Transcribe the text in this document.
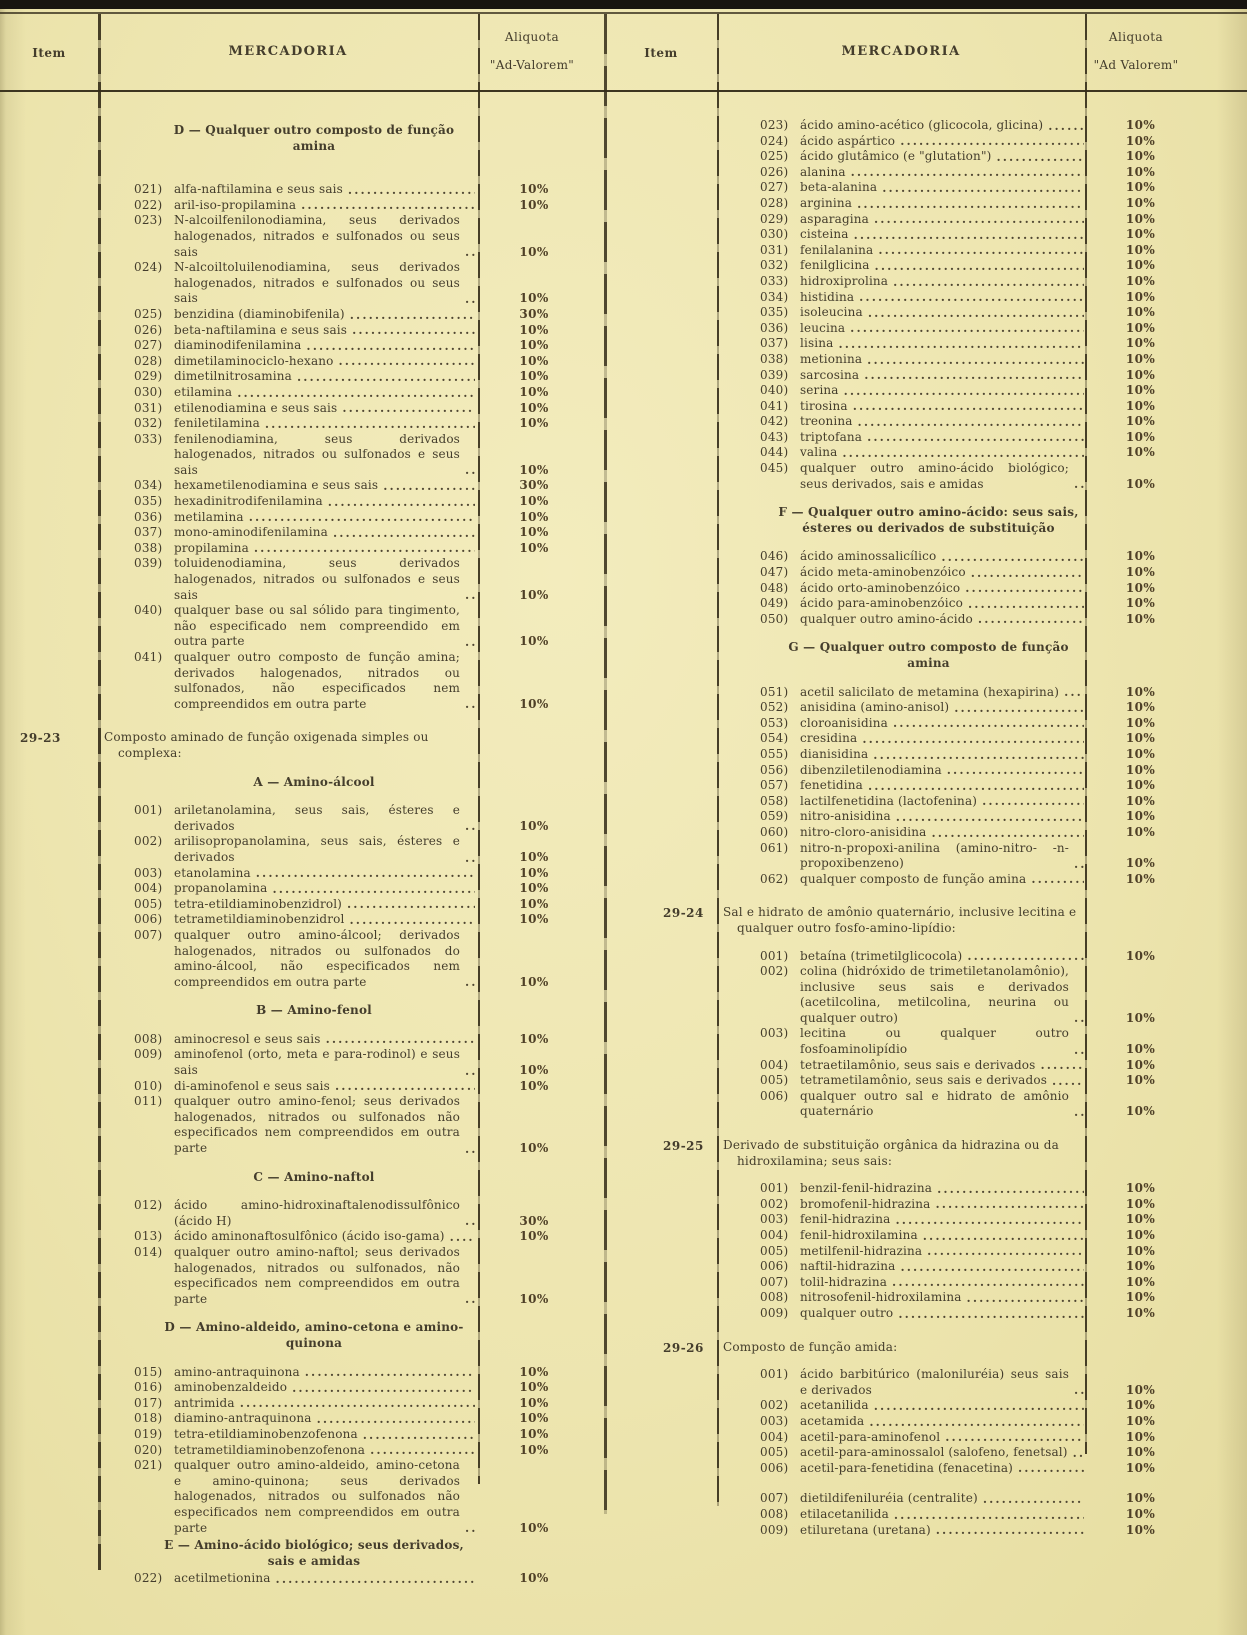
Item	MERCADORIA
Aliquota
"Ad-Valorem"
Item	MERCADORIA
Aliquota
"Ad Valorem"
D — Qualquer outro composto de função amina
021) alfa-naftilamina e seus sais .....	10%
022) aril-iso-propilamina .....	10%
023) N-alcoilfenilonodiamina, seus derivados halogenados, nitrados e sulfonados ou seus sais .....	10%
024) N-alcoiltoluilenodiamina, seus derivados halogenados, nitrados e sulfonados ou seus sais .....	10%
025) benzidina (diaminobifenila) .....	30%
026) beta-naftilamina e seus sais .....	10%
027) diaminodifenilamina .....	10%
028) dimetilaminociclo-hexano .....	10%
029) dimetilnitrosamina .....	10%
030) etilamina .....	10%
031) etilenodiamina e seus sais .....	10%
032) feniletilamina .....	10%
033) fenilenodiamina, seus derivados halogenados, nitrados ou sulfonados e seus sais .....	10%
034) hexametilenodiamina e seus sais .....	30%
035) hexadinitrodifenilamina .....	10%
036) metilamina .....	10%
037) mono-aminodifenilamina .....	10%
038) propilamina .....	10%
039) toluidenodiamina, seus derivados halogenados, nitrados ou sulfonados e seus sais .....	10%
040) qualquer base ou sal sólido para tingimento, não especificado nem compreendido em outra parte .....	10%
041) qualquer outro composto de função amina; derivados halogenados, nitrados ou sulfonados, não especificados nem compreendidos em outra parte .....	10%
29-23	Composto aminado de função oxigenada simples ou complexa:
A — Amino-álcool
001) ariletanolamina, seus sais, ésteres e derivados .....	10%
002) arilisopropanolamina, seus sais, ésteres e derivados .....	10%
003) etanolamina .....	10%
004) propanolamina .....	10%
005) tetra-etildiaminobenzidrol) .....	10%
006) tetrametildiaminobenzidrol .....	10%
007) qualquer outro amino-álcool; derivados halogenados, nitrados ou sulfonados do amino-álcool, não especificados nem compreendidos em outra parte .....	10%
B — Amino-fenol
008) aminocresol e seus sais .....	10%
009) aminofenol (orto, meta e para-rodinol) e seus sais .....	10%
010) di-aminofenol e seus sais .....	10%
011) qualquer outro amino-fenol; seus derivados halogenados, nitrados ou sulfonados não especificados nem compreendidos em outra parte .....	10%
C — Amino-naftol
012) ácido amino-hidroxinaftalenodissulfônico (ácido H) .....	30%
013) ácido aminonaftosulfônico (ácido iso-gama) .....	10%
014) qualquer outro amino-naftol; seus derivados halogenados, nitrados ou sulfonados, não especificados nem compreendidos em outra parte .....	10%
D — Amino-aldeido, amino-cetona e amino-quinona
015) amino-antraquinona .....	10%
016) aminobenzaldeido .....	10%
017) antrimida .....	10%
018) diamino-antraquinona .....	10%
019) tetra-etildiaminobenzofenona .....	10%
020) tetrametildiaminobenzofenona .....	10%
021) qualquer outro amino-aldeido, amino-cetona e amino-quinona; seus derivados halogenados, nitrados ou sulfonados não especificados nem compreendidos em outra parte .....	10%
E — Amino-ácido biológico; seus derivados, sais e amidas
022) acetilmetionina .....	10%
023) ácido amino-acético (glicocola, glicina) .....	10%
024) ácido aspártico .....	10%
025) ácido glutâmico (e "glutation") .....	10%
026) alanina .....	10%
027) beta-alanina .....	10%
028) arginina .....	10%
029) asparagina .....	10%
030) cisteina .....	10%
031) fenilalanina .....	10%
032) fenilglicina .....	10%
033) hidroxiprolina .....	10%
034) histidina .....	10%
035) isoleucina .....	10%
036) leucina .....	10%
037) lisina .....	10%
038) metionina .....	10%
039) sarcosina .....	10%
040) serina .....	10%
041) tirosina .....	10%
042) treonina .....	10%
043) triptofana .....	10%
044) valina .....	10%
045) qualquer outro amino-ácido biológico; seus derivados, sais e amidas .....	10%
F — Qualquer outro amino-ácido: seus sais, ésteres ou derivados de substituição
046) ácido aminossalicílico .....	10%
047) ácido meta-aminobenzóico .....	10%
048) ácido orto-aminobenzóico .....	10%
049) ácido para-aminobenzóico .....	10%
050) qualquer outro amino-ácido .....	10%
G — Qualquer outro composto de função amina
051) acetil salicilato de metamina (hexapirina) .....	10%
052) anisidina (amino-anisol) .....	10%
053) cloroanisidina .....	10%
054) cresidina .....	10%
055) dianisidina .....	10%
056) dibenziletilenodiamina .....	10%
057) fenetidina .....	10%
058) lactilfenetidina (lactofenina) .....	10%
059) nitro-anisidina .....	10%
060) nitro-cloro-anisidina .....	10%
061) nitro-n-propoxi-anilina (amino-nitro- -n-propoxibenzeno) .....	10%
062) qualquer composto de função amina .....	10%
29-24	Sal e hidrato de amônio quaternário, inclusive lecitina e qualquer outro fosfo-amino-lipídio:
001) betaína (trimetilglicocola) .....	10%
002) colina (hidróxido de trimetiletanolamônio), inclusive seus sais e derivados (acetilcolina, metilcolina, neurina ou qualquer outro) .....	10%
003) lecitina ou qualquer outro fosfoaminolipídio .....	10%
004) tetraetilamônio, seus sais e derivados .....	10%
005) tetrametilamônio, seus sais e derivados .....	10%
006) qualquer outro sal e hidrato de amônio quaternário .....	10%
29-25	Derivado de substituição orgânica da hidrazina ou da hidroxilamina; seus sais:
001) benzil-fenil-hidrazina .....	10%
002) bromofenil-hidrazina .....	10%
003) fenil-hidrazina .....	10%
004) fenil-hidroxilamina .....	10%
005) metilfenil-hidrazina .....	10%
006) naftil-hidrazina .....	10%
007) tolil-hidrazina .....	10%
008) nitrosofenil-hidroxilamina .....	10%
009) qualquer outro .....	10%
29-26	Composto de função amida:
001) ácido barbitúrico (maloniluréia) seus sais e derivados .....	10%
002) acetanilida .....	10%
003) acetamida .....	10%
004) acetil-para-aminofenol .....	10%
005) acetil-para-aminossalol (salofeno, fenetsal) .....	10%
006) acetil-para-fenetidina (fenacetina) .....	10%
007) dietildifeniluréia (centralite) .....	10%
008) etilacetanilida .....	10%
009) etiluretana (uretana) .....	10%
